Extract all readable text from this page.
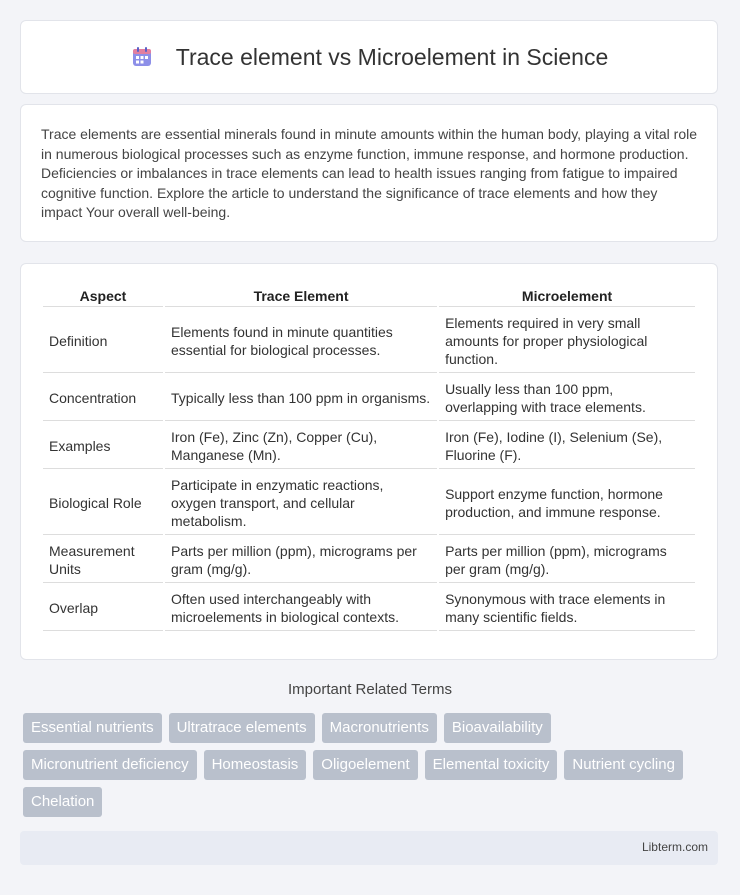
Trace element vs Microelement in Science

Trace elements are essential minerals found in minute amounts within the human body, playing a vital role in numerous biological processes such as enzyme function, immune response, and hormone production. Deficiencies or imbalances in trace elements can lead to health issues ranging from fatigue to impaired cognitive function. Explore the article to understand the significance of trace elements and how they impact Your overall well-being.

Aspect	Trace Element	Microelement
Definition	Elements found in minute quantities essential for biological processes.	Elements required in very small amounts for proper physiological function.
Concentration	Typically less than 100 ppm in organisms.	Usually less than 100 ppm, overlapping with trace elements.
Examples	Iron (Fe), Zinc (Zn), Copper (Cu), Manganese (Mn).	Iron (Fe), Iodine (I), Selenium (Se), Fluorine (F).
Biological Role	Participate in enzymatic reactions, oxygen transport, and cellular metabolism.	Support enzyme function, hormone production, and immune response.
Measurement Units	Parts per million (ppm), micrograms per gram (mg/g).	Parts per million (ppm), micrograms per gram (mg/g).
Overlap	Often used interchangeably with microelements in biological contexts.	Synonymous with trace elements in many scientific fields.
Important Related Terms
Essential nutrients	Ultratrace elements	Macronutrients	Bioavailability
Micronutrient deficiency	Homeostasis	Oligoelement	Elemental toxicity	Nutrient cycling
Chelation
Libterm.com
